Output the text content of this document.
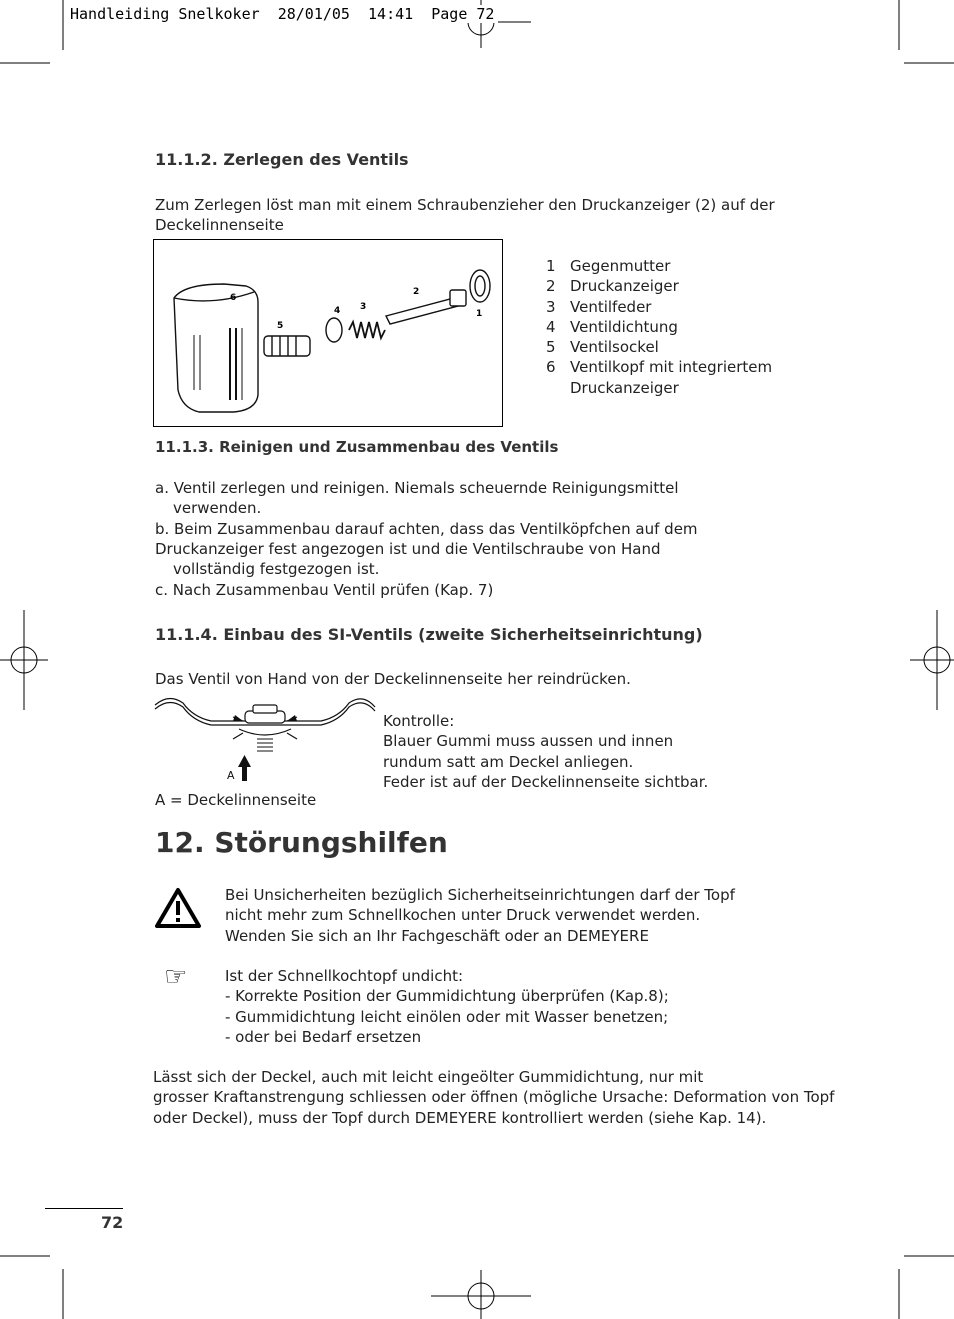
Handleiding Snelkoker  28/01/05  14:41  Page 72
11.1.2. Zerlegen des Ventils
Zum Zerlegen löst man mit einem Schraubenzieher den Druckanzeiger (2) auf der
Deckelinnenseite
6
5
4 3
2
1
1 Gegenmutter
2 Druckanzeiger
3 Ventilfeder
4 Ventildichtung
5 Ventilsockel
6 Ventilkopf mit integriertem
Druckanzeiger
11.1.3. Reinigen und Zusammenbau des Ventils
a. Ventil zerlegen und reinigen. Niemals scheuernde Reinigungsmittel
verwenden.
b. Beim Zusammenbau darauf achten, dass das Ventilköpfchen auf dem
Druckanzeiger fest angezogen ist und die Ventilschraube von Hand
vollständig festgezogen ist.
c. Nach Zusammenbau Ventil prüfen (Kap. 7)
11.1.4. Einbau des SI-Ventils (zweite Sicherheitseinrichtung)
Das Ventil von Hand von der Deckelinnenseite her reindrücken.
A
A = Deckelinnenseite
Kontrolle:
Blauer Gummi muss aussen und innen
rundum satt am Deckel anliegen.
Feder ist auf der Deckelinnenseite sichtbar.
12. Störungshilfen
Bei Unsicherheiten bezüglich Sicherheitseinrichtungen darf der Topf
nicht mehr zum Schnellkochen unter Druck verwendet werden.
Wenden Sie sich an Ihr Fachgeschäft oder an DEMEYERE
☞	Ist der Schnellkochtopf undicht:
- Korrekte Position der Gummidichtung überprüfen (Kap.8);
- Gummidichtung leicht einölen oder mit Wasser benetzen;
- oder bei Bedarf ersetzen
Lässt sich der Deckel, auch mit leicht eingeölter Gummidichtung, nur mit
grosser Kraftanstrengung schliessen oder öffnen (mögliche Ursache: Deformation von Topf
oder Deckel), muss der Topf durch DEMEYERE kontrolliert werden (siehe Kap. 14).
72
